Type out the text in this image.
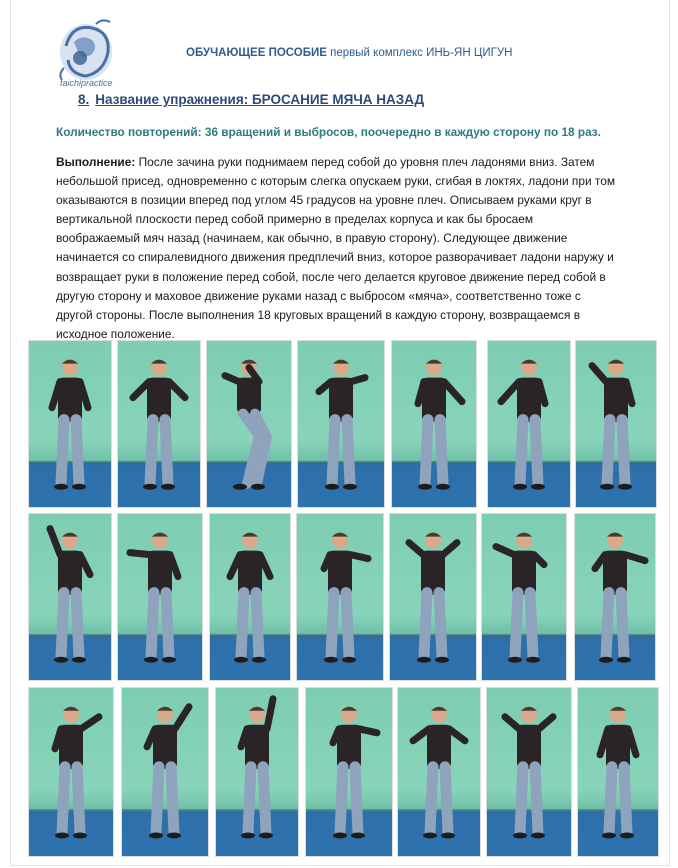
taichipractice
ОБУЧАЮЩЕЕ ПОСОБИЕ первый комплекс ИНЬ-ЯН ЦИГУН
8. Название упражнения: БРОСАНИЕ МЯЧА НАЗАД
Количество повторений: 36 вращений и выбросов, поочередно в каждую сторону по 18 раз.
Выполнение: После зачина руки поднимаем перед собой до уровня плеч ладонями вниз. Затем небольшой присед, одновременно с которым слегка опускаем руки, сгибая в локтях, ладони при том оказываются в позиции вперед под углом 45 градусов на уровне плеч. Описываем руками круг в вертикальной плоскости перед собой примерно в пределах корпуса и как бы бросаем воображаемый мяч назад (начинаем, как обычно, в правую сторону). Следующее движение начинается со спиралевидного движения предплечий вниз, которое разворачивает ладони наружу и возвращает руки в положение перед собой, после чего делается круговое движение перед собой в другую сторону и маховое движение руками назад с выбросом «мяча», соответственно тоже с другой стороны. После выполнения 18 круговых вращений в каждую сторону, возвращаемся в исходное положение.
